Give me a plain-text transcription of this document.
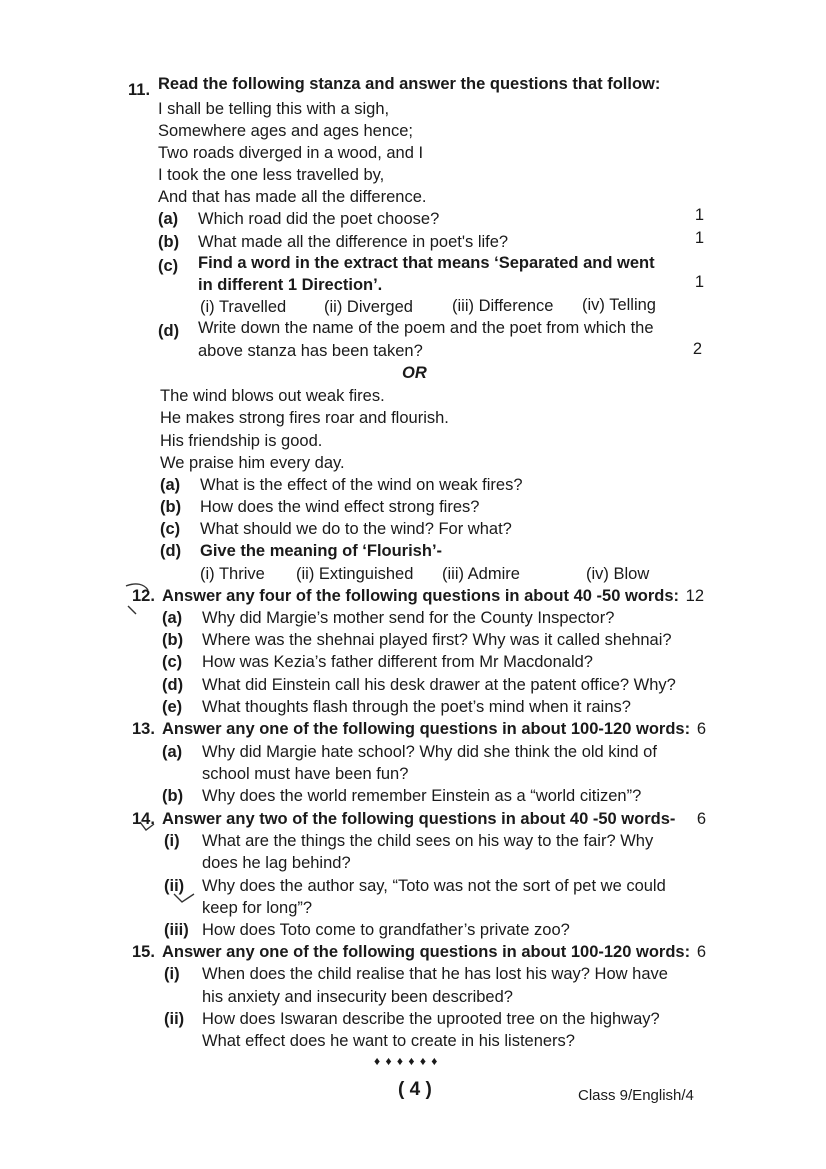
11. Read the following stanza and answer the questions that follow:
I shall be telling this with a sigh,
Somewhere ages and ages hence;
Two roads diverged in a wood, and I
I took the one less travelled by,
And that has made all the difference.
(a) Which road did the poet choose?	1
(b) What made all the difference in poet's life?	1
(c) Find a word in the extract that means ‘Separated and went
in different 1 Direction’.	1
(i) Travelled (ii) Diverged (iii) Difference (iv) Telling
(d) Write down the name of the poem and the poet from which the
above stanza has been taken?	2
OR
The wind blows out weak fires.
He makes strong fires roar and flourish.
His friendship is good.
We praise him every day.
(a) What is the effect of the wind on weak fires?
(b) How does the wind effect strong fires?
(c) What should we do to the wind? For what?
(d) Give the meaning of ‘Flourish’-
(i) Thrive (ii) Extinguished (iii) Admire	(iv) Blow
12. Answer any four of the following questions in about 40 -50 words: 12
(a) Why did Margie’s mother send for the County Inspector?
(b) Where was the shehnai played first? Why was it called shehnai?
(c) How was Kezia’s father different from Mr Macdonald?
(d) What did Einstein call his desk drawer at the patent office? Why?
(e) What thoughts flash through the poet’s mind when it rains?
13. Answer any one of the following questions in about 100-120 words: 6
(a) Why did Margie hate school? Why did she think the old kind of
school must have been fun?
(b) Why does the world remember Einstein as a “world citizen”?
14. Answer any two of the following questions in about 40 -50 words- 6
(i) What are the things the child sees on his way to the fair? Why
does he lag behind?
(ii) Why does the author say, “Toto was not the sort of pet we could
keep for long”?
(iii) How does Toto come to grandfather’s private zoo?
15. Answer any one of the following questions in about 100-120 words: 6
(i) When does the child realise that he has lost his way? How have
his anxiety and insecurity been described?
(ii) How does Iswaran describe the uprooted tree on the highway?
What effect does he want to create in his listeners?
♦ ♦ ♦ ♦ ♦ ♦
( 4 )	Class 9/English/4
